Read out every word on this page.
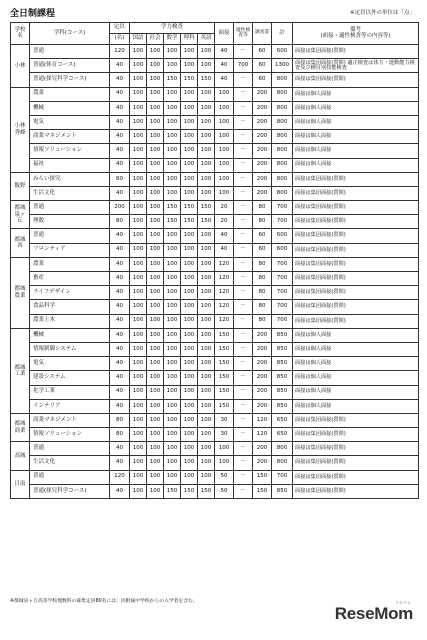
全日制課程	※定員以外の単位は「点」
学校名	学科(コース)	定員	学力検査					面接	適性検査等	調査書	計	備考
(面接・適性検査等の内容等)
		(名)	国語	社会	数学	理科	英語					
小林	普通	120	100	100	100	100	100	40	－	60	600	面接は集団面接(質問)
	普通(体育コース)	40	100	100	100	100	100	40	700	60	1300	面接は集団面接(質問) 適正検査は体力・運動能力検査及び種目別技能検査
	普通(探究科学コース)	40	100	100	150	150	150	40	－	60	800	面接は集団面接(質問)
小林秀峰	農業	40	100	100	100	100	100	100	－	200	800	面接は個人面接
	機械	40	100	100	100	100	100	100	－	200	800	面接は個人面接
	電気	40	100	100	100	100	100	100	－	200	800	面接は個人面接
	商業マネジメント	40	100	100	100	100	100	100	－	200	800	面接は個人面接
	情報ソリューション	40	100	100	100	100	100	100	－	200	800	面接は個人面接
	福祉	40	100	100	100	100	100	100	－	200	800	面接は個人面接
飯野	みらい探究	80	100	100	100	100	100	100	－	200	800	面接は集団面接(質問)
	生活文化	40	100	100	100	100	100	100	－	200	800	面接は集団面接(質問)
都城泉ヶ丘	普通	200	100	100	150	150	150	20	－	80	700	面接は集団面接(質問)
	理数	80	100	100	150	150	150	20	－	80	700	面接は集団面接(質問)
都城西	普通	40	100	100	100	100	100	40	－	60	600	面接は集団面接(質問)
	フロンティア	40	100	100	100	100	100	40	－	60	600	面接は集団面接(質問)
都城農業	農業	40	100	100	100	100	100	120	－	80	700	面接は集団面接(質問)
	畜産	40	100	100	100	100	100	120	－	80	700	面接は集団面接(質問)
	ライフデザイン	40	100	100	100	100	100	120	－	80	700	面接は集団面接(質問)
	食品科学	40	100	100	100	100	100	120	－	80	700	面接は集団面接(質問)
	農業土木	40	100	100	100	100	100	120	－	80	700	面接は集団面接(質問)
都城工業	機械	40	100	100	100	100	100	150	－	200	850	面接は個人面接
	情報制御システム	40	100	100	100	100	100	150	－	200	850	面接は個人面接
	電気	40	100	100	100	100	100	150	－	200	850	面接は個人面接
	建設システム	40	100	100	100	100	100	150	－	200	850	面接は個人面接
	化学工業	40	100	100	100	100	100	150	－	200	850	面接は個人面接
	インテリア	40	100	100	100	100	100	150	－	200	850	面接は個人面接
都城商業	商業マネジメント	80	100	100	100	100	100	30	－	120	650	面接は集団面接(質問)
	情報ソリューション	80	100	100	100	100	100	30	－	120	650	面接は集団面接(質問)
高城	普通	40	100	100	100	100	100	100	－	200	800	面接は集団面接(質問)
	生活文化	40	100	100	100	100	100	100	－	200	800	面接は集団面接(質問)
日南	普通	120	100	100	100	100	100	50	－	150	700	面接は集団面接(質問)
	普通(探究科学コース)	40	100	100	150	150	150	50	－	150	850	面接は集団面接(質問)
※都城泉ヶ丘高等学校理数科の募集定員80名には、同附属中学校からの入学者を含む。	リセマム
ReseMom
